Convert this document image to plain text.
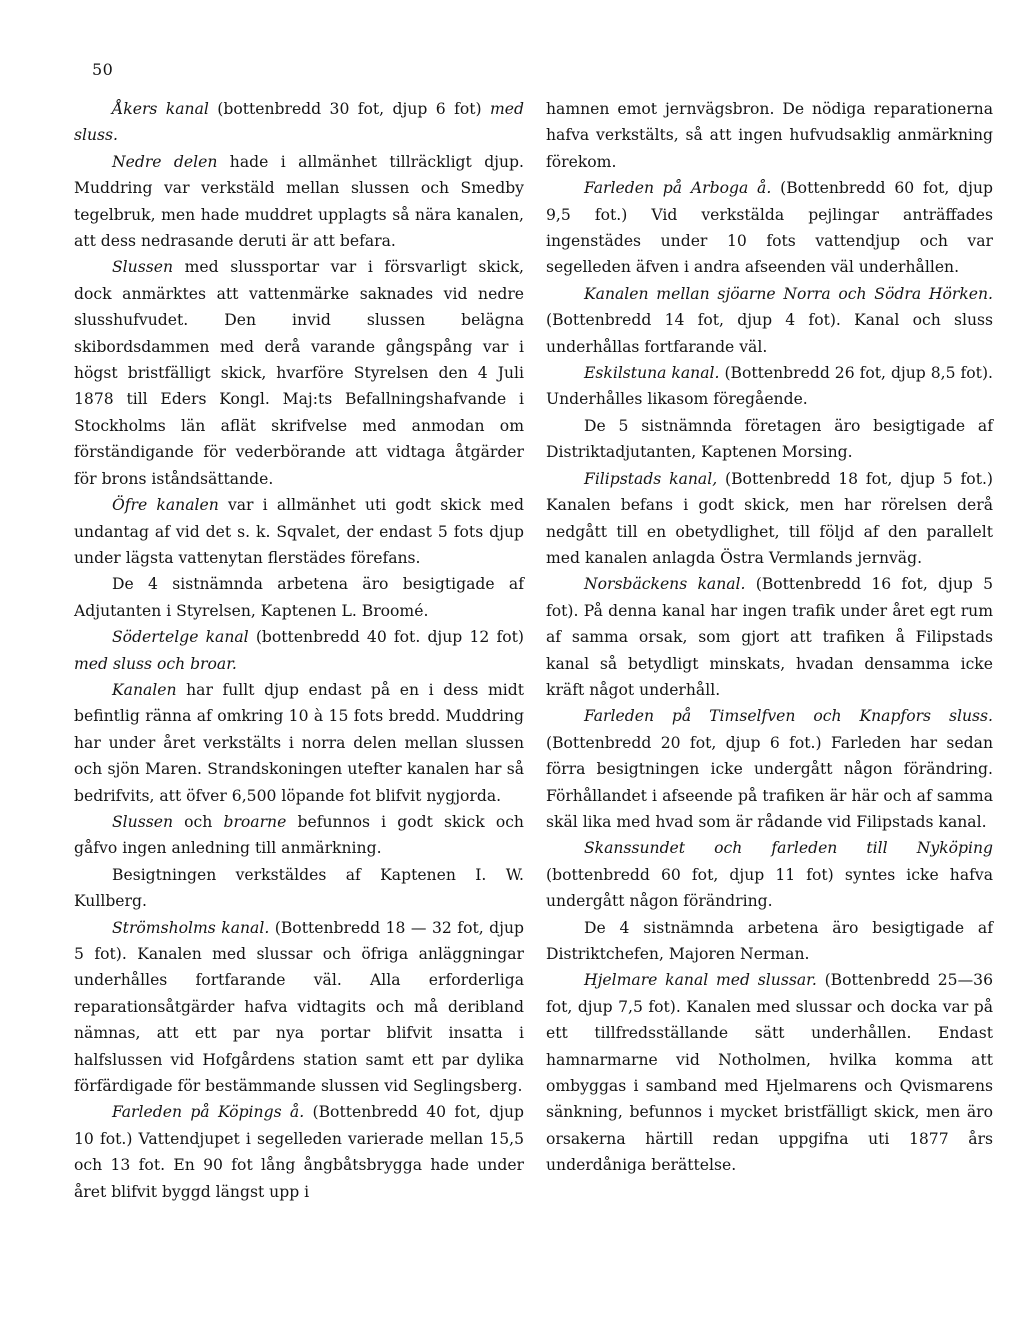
50

Åkers kanal (bottenbredd 30 fot, djup 6 fot) med sluss.

Nedre delen hade i allmänhet tillräckligt djup. Muddring var verkstäld mellan slussen och Smedby tegelbruk, men hade muddret upplagts så nära kanalen, att dess nedrasande deruti är att befara.

Slussen med slussportar var i försvarligt skick, dock anmärktes att vattenmärke saknades vid nedre slusshufvudet. Den invid slussen belägna skibordsdammen med derå varande gångspång var i högst bristfälligt skick, hvarföre Styrelsen den 4 Juli 1878 till Eders Kongl. Maj:ts Befallningshafvande i Stockholms län aflät skrifvelse med anmodan om förständigande för vederbörande att vidtaga åtgärder för brons iståndsättande.

Öfre kanalen var i allmänhet uti godt skick med undantag af vid det s. k. Sqvalet, der endast 5 fots djup under lägsta vattenytan flerstädes förefans.

De 4 sistnämnda arbetena äro besigtigade af Adjutanten i Styrelsen, Kaptenen L. Broomé.

Södertelge kanal (bottenbredd 40 fot. djup 12 fot) med sluss och broar.

Kanalen har fullt djup endast på en i dess midt befintlig ränna af omkring 10 à 15 fots bredd. Muddring har under året verkstälts i norra delen mellan slussen och sjön Maren. Strandskoningen utefter kanalen har så bedrifvits, att öfver 6,500 löpande fot blifvit nygjorda.

Slussen och broarne befunnos i godt skick och gåfvo ingen anledning till anmärkning.

Besigtningen verkstäldes af Kaptenen I. W. Kullberg.

Strömsholms kanal. (Bottenbredd 18 — 32 fot, djup 5 fot). Kanalen med slussar och öfriga anläggningar underhålles fortfarande väl. Alla erforderliga reparationsåtgärder hafva vidtagits och må deribland nämnas, att ett par nya portar blifvit insatta i halfslussen vid Hofgårdens station samt ett par dylika förfärdigade för bestämmande slussen vid Seglingsberg.

Farleden på Köpings å. (Bottenbredd 40 fot, djup 10 fot.) Vattendjupet i segelleden varierade mellan 15,5 och 13 fot. En 90 fot lång ångbåtsbrygga hade under året blifvit byggd längst upp i

hamnen emot jernvägsbron. De nödiga reparationerna hafva verkstälts, så att ingen hufvudsaklig anmärkning förekom.

Farleden på Arboga å. (Bottenbredd 60 fot, djup 9,5 fot.) Vid verkstälda pejlingar anträffades ingenstädes under 10 fots vattendjup och var segelleden äfven i andra afseenden väl underhållen.

Kanalen mellan sjöarne Norra och Södra Hörken. (Bottenbredd 14 fot, djup 4 fot). Kanal och sluss underhållas fortfarande väl.

Eskilstuna kanal. (Bottenbredd 26 fot, djup 8,5 fot). Underhålles likasom föregående.

De 5 sistnämnda företagen äro besigtigade af Distriktadjutanten, Kaptenen Morsing.

Filipstads kanal, (Bottenbredd 18 fot, djup 5 fot.) Kanalen befans i godt skick, men har rörelsen derå nedgått till en obetydlighet, till följd af den parallelt med kanalen anlagda Östra Vermlands jernväg.

Norsbäckens kanal. (Bottenbredd 16 fot, djup 5 fot). På denna kanal har ingen trafik under året egt rum af samma orsak, som gjort att trafiken å Filipstads kanal så betydligt minskats, hvadan densamma icke kräft något underhåll.

Farleden på Timselfven och Knapfors sluss. (Bottenbredd 20 fot, djup 6 fot.) Farleden har sedan förra besigtningen icke undergått någon förändring. Förhållandet i afseende på trafiken är här och af samma skäl lika med hvad som är rådande vid Filipstads kanal.

Skanssundet och farleden till Nyköping (bottenbredd 60 fot, djup 11 fot) syntes icke hafva undergått någon förändring.

De 4 sistnämnda arbetena äro besigtigade af Distriktchefen, Majoren Nerman.

Hjelmare kanal med slussar. (Bottenbredd 25—36 fot, djup 7,5 fot). Kanalen med slussar och docka var på ett tillfredsställande sätt underhållen. Endast hamnarmarne vid Notholmen, hvilka komma att ombyggas i samband med Hjelmarens och Qvismarens sänkning, befunnos i mycket bristfälligt skick, men äro orsakerna härtill redan uppgifna uti 1877 års underdåniga berättelse.
